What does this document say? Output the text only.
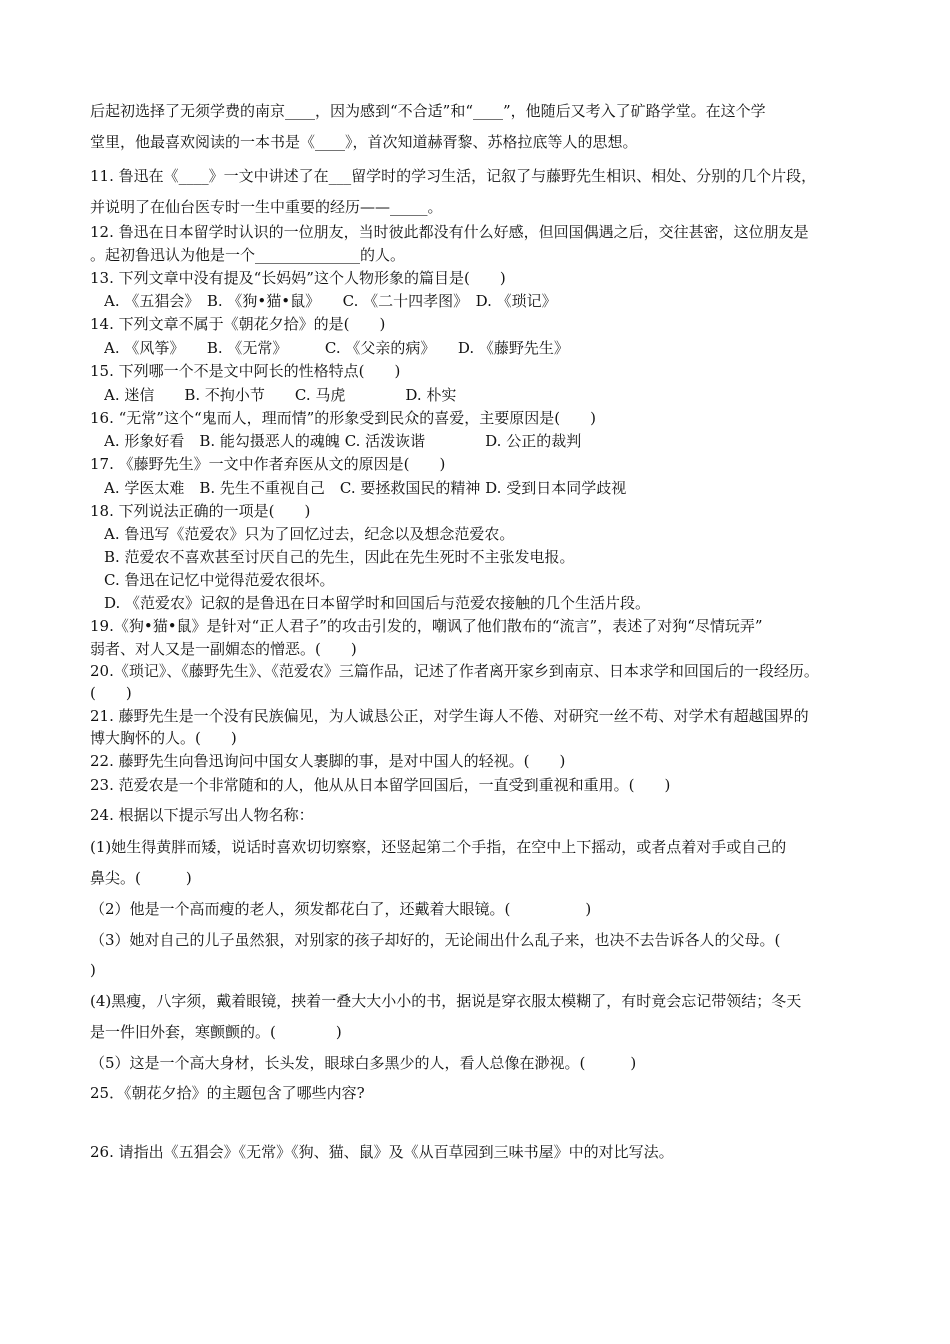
后起初选择了无须学费的南京____，因为感到“不合适”和“____”，他随后又考入了矿路学堂。在这个学
堂里，他最喜欢阅读的一本书是《____》，首次知道赫胥黎、苏格拉底等人的思想。
11. 鲁迅在《____》一文中讲述了在___留学时的学习生活，记叙了与藤野先生相识、相处、分别的几个片段，
并说明了在仙台医专时一生中重要的经历——_____。
12. 鲁迅在日本留学时认识的一位朋友，当时彼此都没有什么好感，但回国偶遇之后，交往甚密，这位朋友是
。起初鲁迅认为他是一个______________的人。
13. 下列文章中没有提及“长妈妈”这个人物形象的篇目是(　　)
A. 《五猖会》　B. 《狗•猫•鼠》　　C. 《二十四孝图》　D. 《琐记》
14. 下列文章不属于《朝花夕拾》的是(　　)
A. 《风筝》　　B. 《无常》　　　C. 《父亲的病》　　D. 《藤野先生》
15. 下列哪一个不是文中阿长的性格特点(　　)
A. 迷信　　B. 不拘小节　　C. 马虎　　　　D. 朴实
16. “无常”这个“鬼而人，理而情”的形象受到民众的喜爱，主要原因是(　　)
A. 形象好看　B. 能勾摄恶人的魂魄 C. 活泼诙谐　　　　D. 公正的裁判
17. 《藤野先生》一文中作者弃医从文的原因是(　　)
A. 学医太难　B. 先生不重视自己　C. 要拯救国民的精神 D. 受到日本同学歧视
18. 下列说法正确的一项是(　　)
A. 鲁迅写《范爱农》只为了回忆过去，纪念以及想念范爱农。
B. 范爱农不喜欢甚至讨厌自己的先生，因此在先生死时不主张发电报。
C. 鲁迅在记忆中觉得范爱农很坏。
D. 《范爱农》记叙的是鲁迅在日本留学时和回国后与范爱农接触的几个生活片段。
19.《狗•猫•鼠》是针对“正人君子”的攻击引发的，嘲讽了他们散布的“流言”，表述了对狗“尽情玩弄”
弱者、对人又是一副媚态的憎恶。(　　)
20.《琐记》、《藤野先生》、《范爱农》三篇作品，记述了作者离开家乡到南京、日本求学和回国后的一段经历。
(　　)
21. 藤野先生是一个没有民族偏见，为人诚恳公正，对学生诲人不倦、对研究一丝不苟、对学术有超越国界的
博大胸怀的人。(　　)
22. 藤野先生向鲁迅询问中国女人裹脚的事，是对中国人的轻视。(　　)
23. 范爱农是一个非常随和的人，他从从日本留学回国后，一直受到重视和重用。(　　)
24. 根据以下提示写出人物名称：
(1)她生得黄胖而矮，说话时喜欢切切察察，还竖起第二个手指，在空中上下摇动，或者点着对手或自己的
鼻尖。(　　　)
（2）他是一个高而瘦的老人，须发都花白了，还戴着大眼镜。(　　　　　)
（3）她对自己的儿子虽然狠，对别家的孩子却好的，无论闹出什么乱子来，也决不去告诉各人的父母。(
)
(4)黑瘦，八字须，戴着眼镜，挟着一叠大大小小的书，据说是穿衣服太模糊了，有时竟会忘记带领结；冬天
是一件旧外套，寒颤颤的。(　　　　)
（5）这是一个高大身材，长头发，眼球白多黑少的人，看人总像在渺视。(　　　)
25．《朝花夕拾》的主题包含了哪些内容?
26. 请指出《五猖会》《无常》《狗、猫、鼠》及《从百草园到三味书屋》中的对比写法。
